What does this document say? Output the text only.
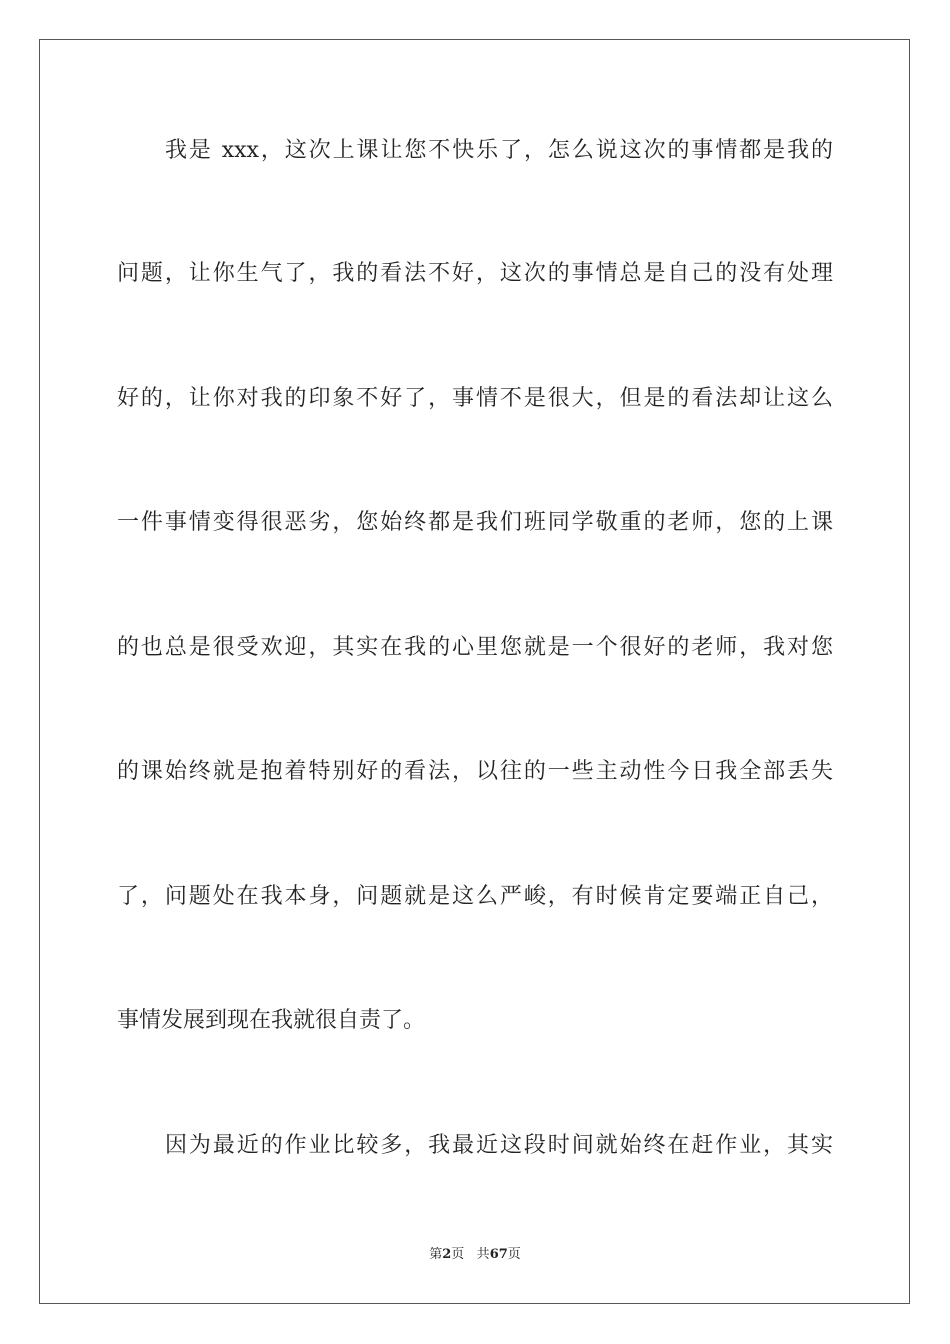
我是 xxx，这次上课让您不快乐了，怎么说这次的事情都是我的
问题，让你生气了，我的看法不好，这次的事情总是自己的没有处理
好的，让你对我的印象不好了，事情不是很大，但是的看法却让这么
一件事情变得很恶劣，您始终都是我们班同学敬重的老师，您的上课
的也总是很受欢迎，其实在我的心里您就是一个很好的老师，我对您
的课始终就是抱着特别好的看法，以往的一些主动性今日我全部丢失
了，问题处在我本身，问题就是这么严峻，有时候肯定要端正自己，
事情发展到现在我就很自责了。
因为最近的作业比较多，我最近这段时间就始终在赶作业，其实
第2页 共67页
